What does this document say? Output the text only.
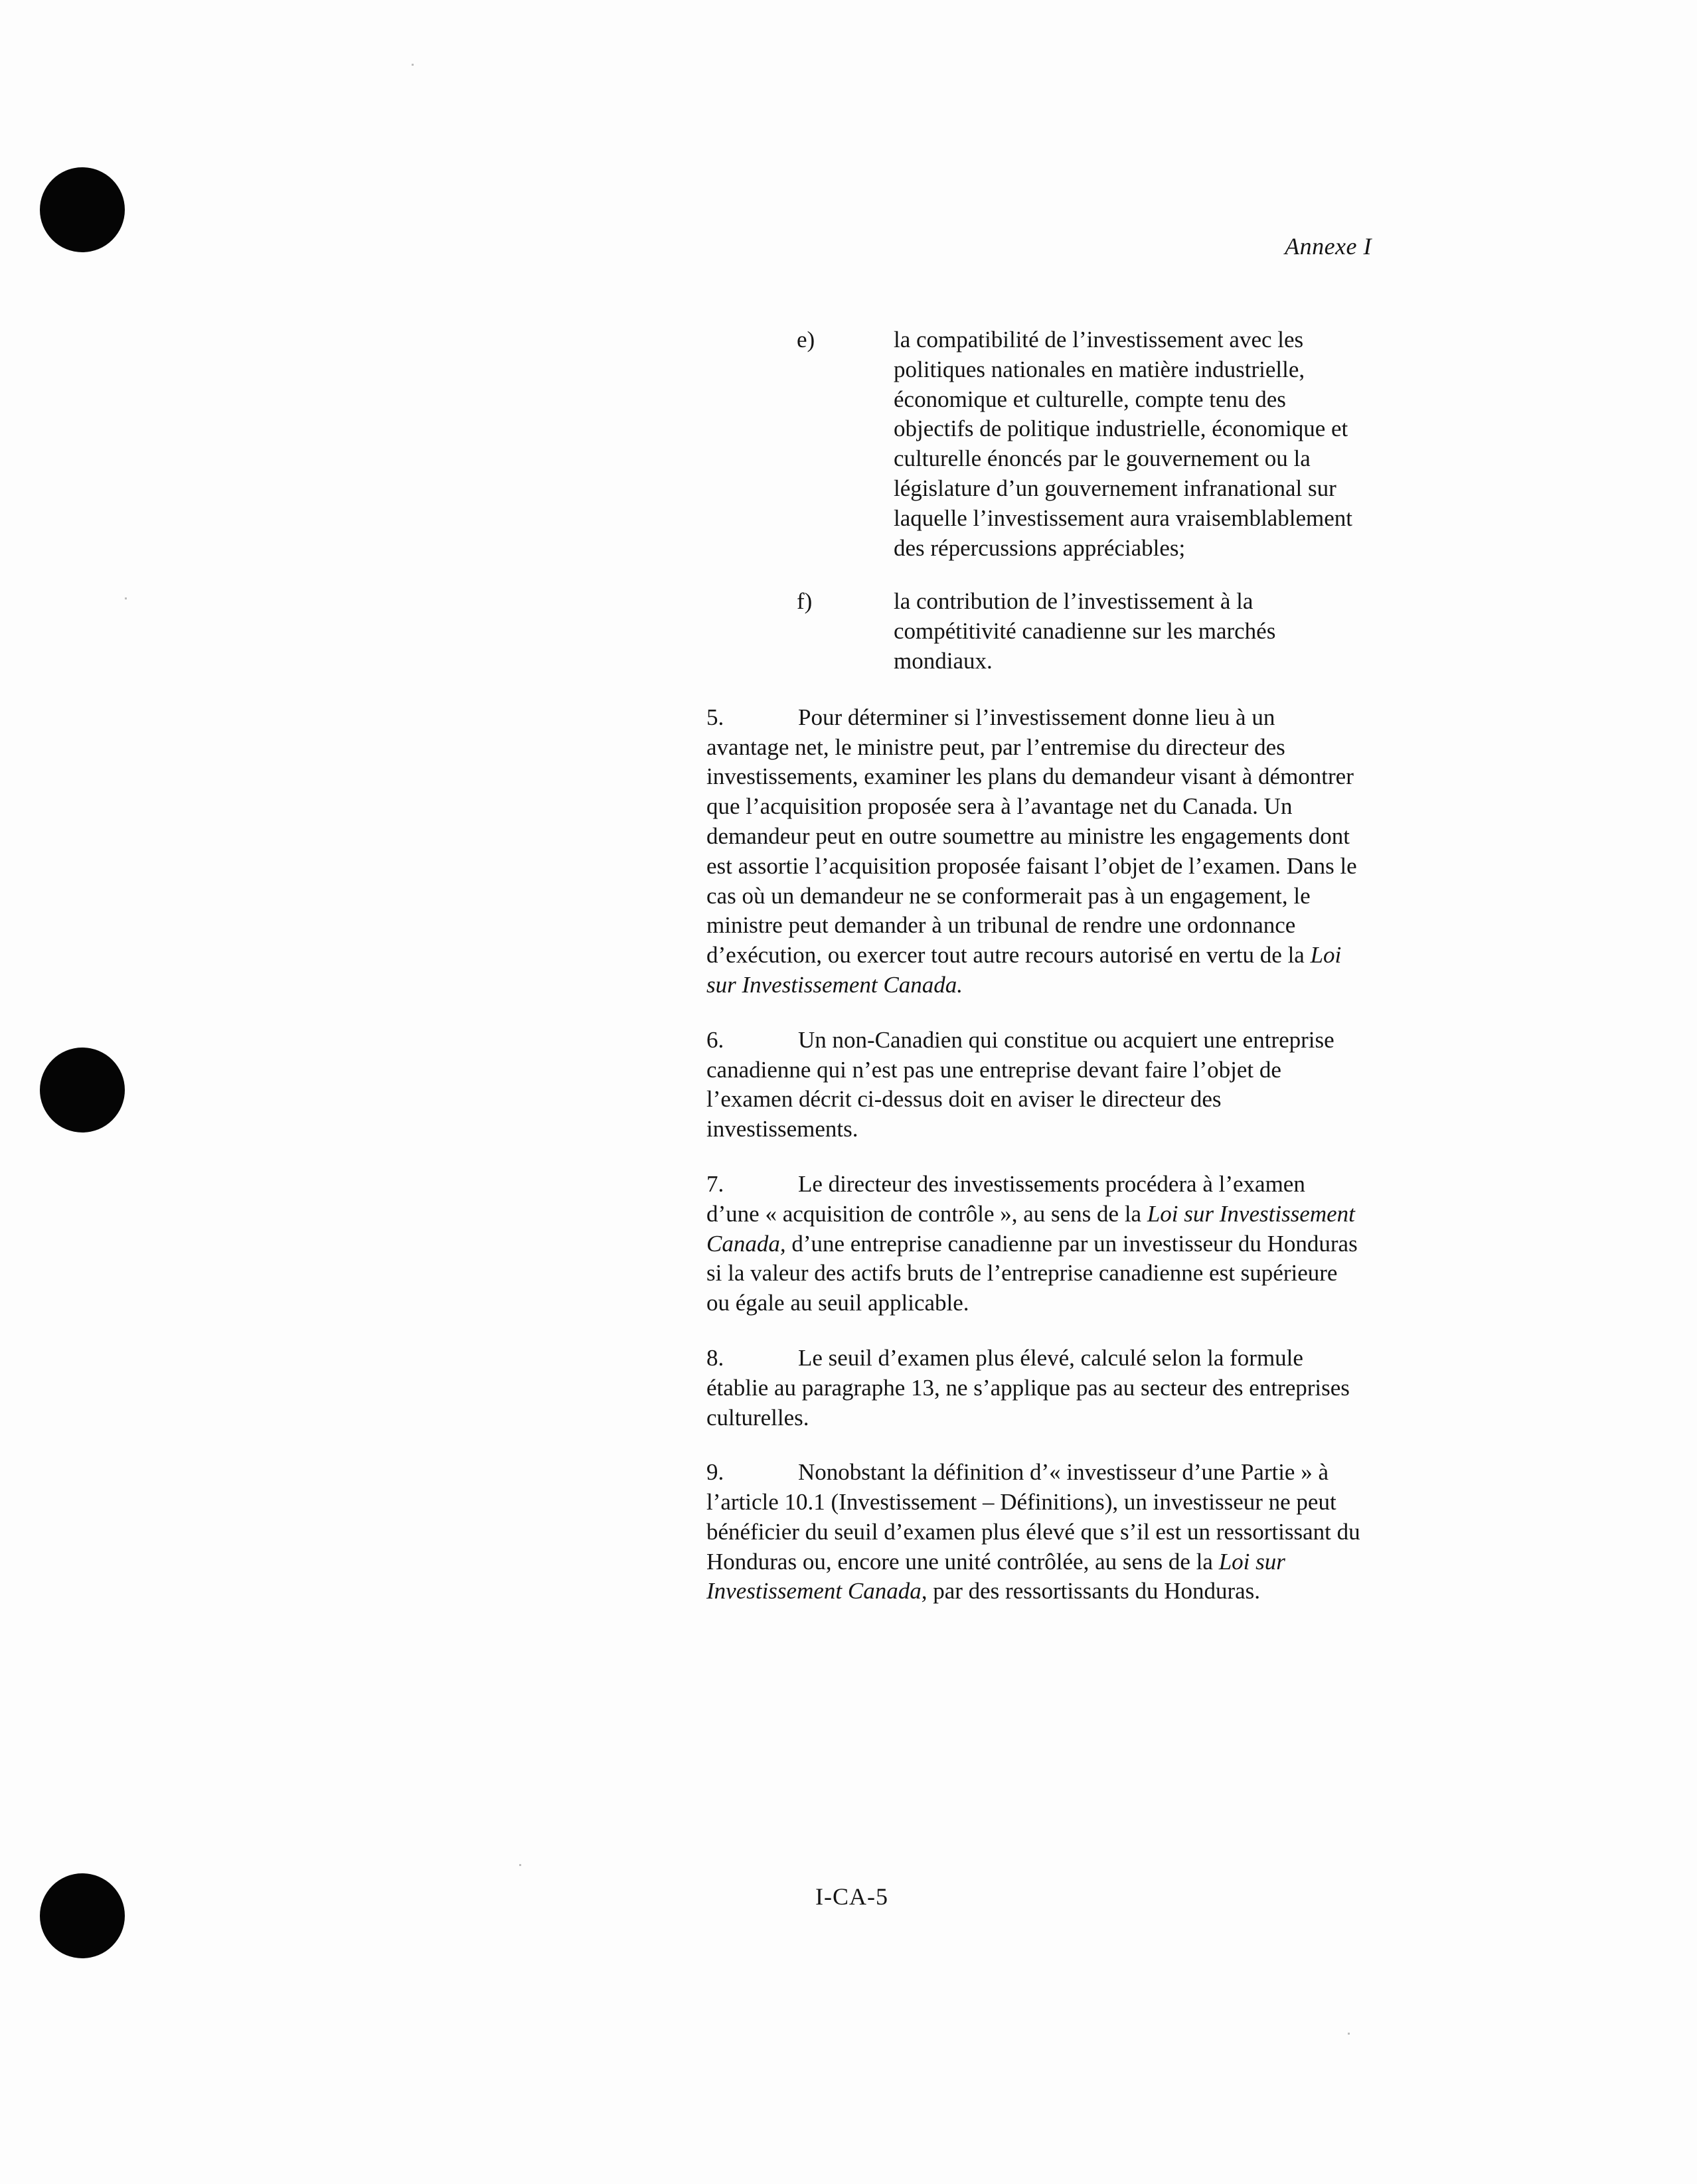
Annexe I
e)	la compatibilité de l’investissement avec les politiques nationales en matière industrielle, économique et culturelle, compte tenu des objectifs de politique industrielle, économique et culturelle énoncés par le gouvernement ou la législature d’un gouvernement infranational sur laquelle l’investissement aura vraisemblablement des répercussions appréciables;
f)	la contribution de l’investissement à la compétitivité canadienne sur les marchés mondiaux.

5.	Pour déterminer si l’investissement donne lieu à un avantage net, le ministre peut, par l’entremise du directeur des investissements, examiner les plans du demandeur visant à démontrer que l’acquisition proposée sera à l’avantage net du Canada. Un demandeur peut en outre soumettre au ministre les engagements dont est assortie l’acquisition proposée faisant l’objet de l’examen. Dans le cas où un demandeur ne se conformerait pas à un engagement, le ministre peut demander à un tribunal de rendre une ordonnance d’exécution, ou exercer tout autre recours autorisé en vertu de la Loi sur Investissement Canada.

6.	Un non-Canadien qui constitue ou acquiert une entreprise canadienne qui n’est pas une entreprise devant faire l’objet de l’examen décrit ci-dessus doit en aviser le directeur des investissements.

7.	Le directeur des investissements procédera à l’examen d’une « acquisition de contrôle », au sens de la Loi sur Investissement Canada, d’une entreprise canadienne par un investisseur du Honduras si la valeur des actifs bruts de l’entreprise canadienne est supérieure ou égale au seuil applicable.

8.	Le seuil d’examen plus élevé, calculé selon la formule établie au paragraphe 13, ne s’applique pas au secteur des entreprises culturelles.

9.	Nonobstant la définition d’« investisseur d’une Partie » à l’article 10.1 (Investissement – Définitions), un investisseur ne peut bénéficier du seuil d’examen plus élevé que s’il est un ressortissant du Honduras ou, encore une unité contrôlée, au sens de la Loi sur Investissement Canada, par des ressortissants du Honduras.

I-CA-5
